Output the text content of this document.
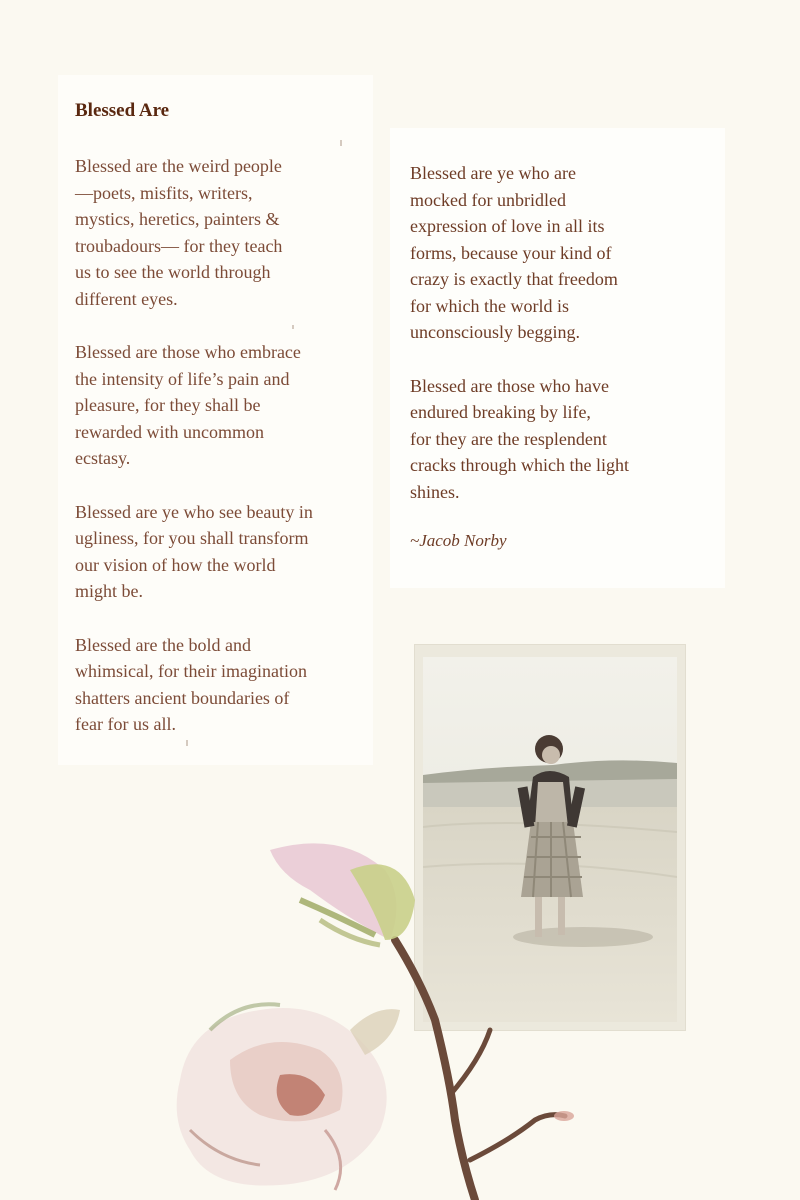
Blessed Are

Blessed are the weird people
—poets, misfits, writers,
mystics, heretics, painters &
troubadours— for they teach
us to see the world through
different eyes.

Blessed are those who embrace
the intensity of life’s pain and
pleasure, for they shall be
rewarded with uncommon
ecstasy.

Blessed are ye who see beauty in
ugliness, for you shall transform
our vision of how the world
might be.

Blessed are the bold and
whimsical, for their imagination
shatters ancient boundaries of
fear for us all.

Blessed are ye who are
mocked for unbridled
expression of love in all its
forms, because your kind of
crazy is exactly that freedom
for which the world is
unconsciously begging.

Blessed are those who have
endured breaking by life,
for they are the resplendent
cracks through which the light
shines.

~Jacob Norby
